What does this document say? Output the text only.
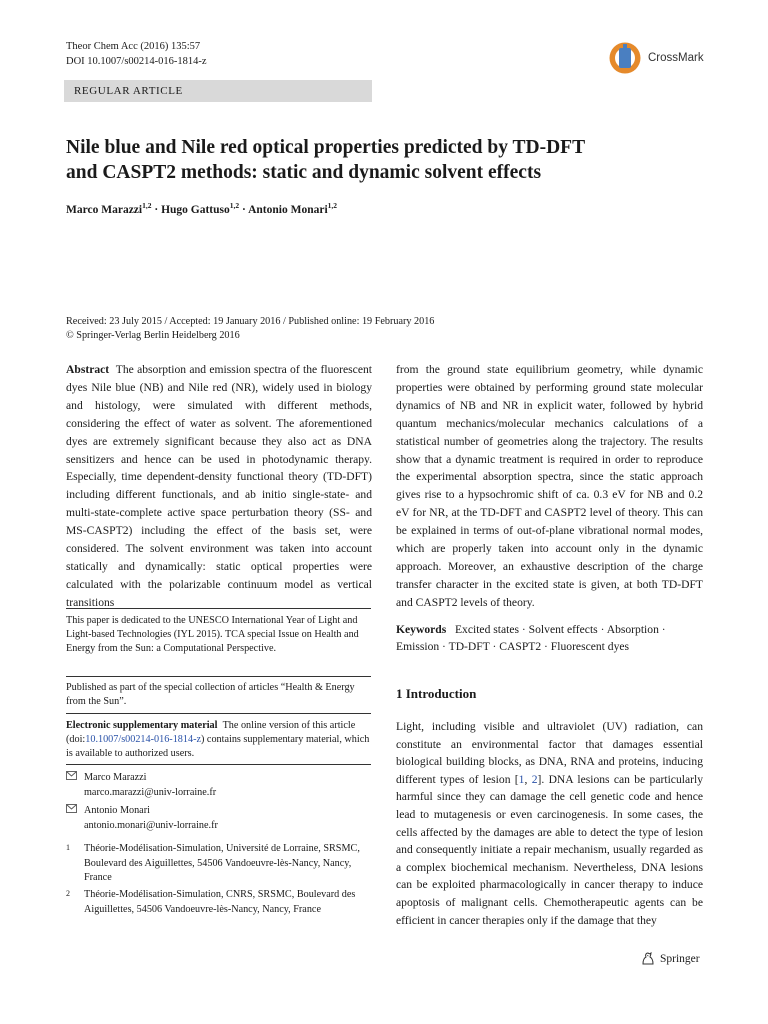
Theor Chem Acc (2016) 135:57
DOI 10.1007/s00214-016-1814-z	CrossMark
REGULAR ARTICLE
Nile blue and Nile red optical properties predicted by TD-DFT
and CASPT2 methods: static and dynamic solvent effects
Marco Marazzi$^{1,2}$ · Hugo Gattuso$^{1,2}$ · Antonio Monari$^{1,2}$
Received: 23 July 2015 / Accepted: 19 January 2016 / Published online: 19 February 2016
© Springer-Verlag Berlin Heidelberg 2016
Abstract The absorption and emission spectra of the fluorescent dyes Nile blue (NB) and Nile red (NR), widely used in biology and histology, were simulated with different methods, considering the effect of water as solvent. The aforementioned dyes are extremely significant because they also act as DNA sensitizers and hence can be used in photodynamic therapy. Especially, time dependent-density functional theory (TD-DFT) including different functionals, and ab initio single-state- and multi-state-complete active space perturbation theory (SS- and MS-CASPT2) including the effect of the basis set, were considered. The solvent environment was taken into account statically and dynamically: static optical properties were calculated with the polarizable continuum model as vertical transitions
from the ground state equilibrium geometry, while dynamic properties were obtained by performing ground state molecular dynamics of NB and NR in explicit water, followed by hybrid quantum mechanics/molecular mechanics calculations of a statistical number of geometries along the trajectory. The results show that a dynamic treatment is required in order to reproduce the experimental absorption spectra, since the static approach gives rise to a hypsochromic shift of ca. 0.3 eV for NB and 0.2 eV for NR, at the TD-DFT and CASPT2 level of theory. This can be explained in terms of out-of-plane vibrational normal modes, which are properly taken into account only in the dynamic approach. Moreover, an exhaustive description of the charge transfer character in the excited state is given, at both TD-DFT and CASPT2 levels of theory.
Keywords Excited states · Solvent effects · Absorption · Emission · TD-DFT · CASPT2 · Fluorescent dyes
1 Introduction
Light, including visible and ultraviolet (UV) radiation, can constitute an environmental factor that damages essential biological building blocks, as DNA, RNA and proteins, inducing different types of lesion [1, 2]. DNA lesions can be particularly harmful since they can damage the cell genetic code and hence lead to mutagenesis or even carcinogenesis. In some cases, the cells affected by the damages are able to detect the type of lesion and consequently initiate a repair mechanism, usually regarded as a complex biochemical mechanism. Nevertheless, DNA lesions can be exploited pharmacologically in cancer therapy to induce apoptosis of malignant cells. Chemotherapeutic agents can be efficient in cancer therapies only if the damage that they
This paper is dedicated to the UNESCO International Year of Light and Light-based Technologies (IYL 2015). TCA special Issue on Health and Energy from the Sun: a Computational Perspective.
Published as part of the special collection of articles “Health & Energy from the Sun”.
Electronic supplementary material The online version of this article (doi:10.1007/s00214-016-1814-z) contains supplementary material, which is available to authorized users.
Marco Marazzi
marco.marazzi@univ-lorraine.fr
Antonio Monari
antonio.monari@univ-lorraine.fr
1	Théorie-Modélisation-Simulation, Université de Lorraine, SRSMC, Boulevard des Aiguillettes, 54506 Vandoeuvre-lès-Nancy, Nancy, France
2	Théorie-Modélisation-Simulation, CNRS, SRSMC, Boulevard des Aiguillettes, 54506 Vandoeuvre-lès-Nancy, Nancy, France
Springer
